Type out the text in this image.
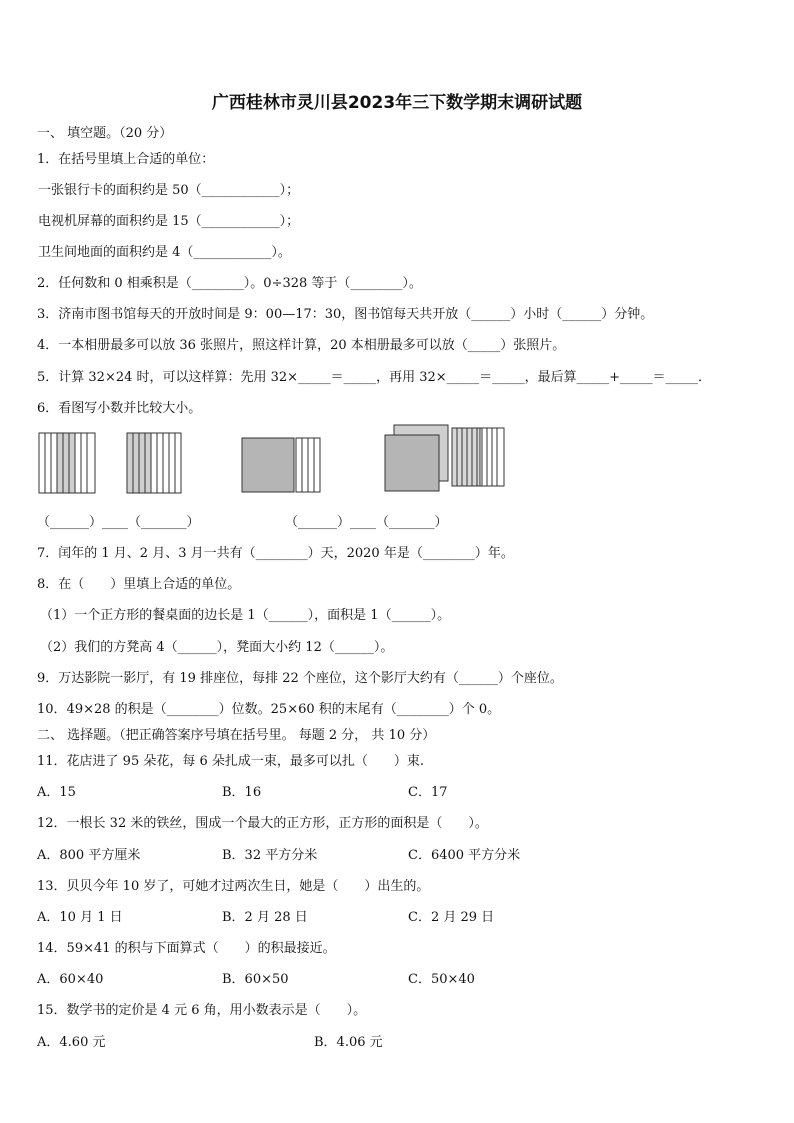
广西桂林市灵川县2023年三下数学期末调研试题
一、 填空题。（20 分）
1．在括号里填上合适的单位：
一张银行卡的面积约是 50（____________）；
电视机屏幕的面积约是 15（____________）；
卫生间地面的面积约是 4（____________）。
2．任何数和 0 相乘积是（________）。0÷328 等于（________）。
3．济南市图书馆每天的开放时间是 9：00—17：30，图书馆每天共开放（______）小时（______）分钟。
4．一本相册最多可以放 36 张照片，照这样计算，20 本相册最多可以放（_____）张照片。
5．计算 32×24 时，可以这样算：先用 32×_____＝_____，再用 32×_____＝_____，最后算_____+_____＝_____．
6．看图写小数并比较大小。
（______）____（_______）	（______）____（_______）
7．闰年的 1 月、2 月、3 月一共有（________）天，2020 年是（________）年。
8．在（　　）里填上合适的单位。
（1）一个正方形的餐桌面的边长是 1（______），面积是 1（______）。
（2）我们的方凳高 4（______），凳面大小约 12（______）。
9．万达影院一影厅，有 19 排座位，每排 22 个座位，这个影厅大约有（______）个座位。
10．49×28 的积是（________）位数。25×60 积的末尾有（________）个 0。
二、 选择题。（把正确答案序号填在括号里。 每题 2 分， 共 10 分）
11．花店进了 95 朵花，每 6 朵扎成一束，最多可以扎（　　）束.
A．15	B．16	C．17
12．一根长 32 米的铁丝，围成一个最大的正方形，正方形的面积是（　　）。
A．800 平方厘米	B．32 平方分米	C．6400 平方分米
13．贝贝今年 10 岁了，可她才过两次生日，她是（　　）出生的。
A．10 月 1 日	B．2 月 28 日	C．2 月 29 日
14．59×41 的积与下面算式（　　）的积最接近。
A．60×40	B．60×50	C．50×40
15．数学书的定价是 4 元 6 角，用小数表示是（　　）。
A．4.60 元	B．4.06 元
